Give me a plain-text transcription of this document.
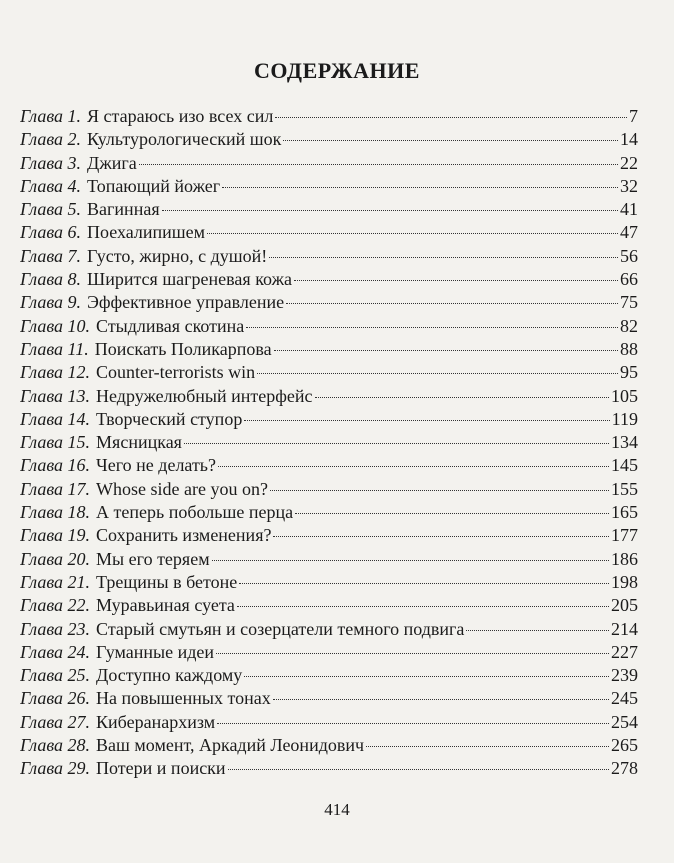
СОДЕРЖАНИЕ
Глава 1. Я стараюсь изо всех сил	7
Глава 2. Культурологический шок	14
Глава 3. Джига	22
Глава 4. Топающий йожег	32
Глава 5. Вагинная	41
Глава 6. Поехалипишем	47
Глава 7. Густо, жирно, с душой!	56
Глава 8. Ширится шагреневая кожа	66
Глава 9. Эффективное управление	75
Глава 10. Стыдливая скотина	82
Глава 11. Поискать Поликарпова	88
Глава 12. Counter-terrorists win	95
Глава 13. Недружелюбный интерфейс	105
Глава 14. Творческий ступор	119
Глава 15. Мясницкая	134
Глава 16. Чего не делать?	145
Глава 17. Whose side are you on?	155
Глава 18. А теперь побольше перца	165
Глава 19. Сохранить изменения?	177
Глава 20. Мы его теряем	186
Глава 21. Трещины в бетоне	198
Глава 22. Муравьиная суета	205
Глава 23. Старый смутьян и созерцатели темного подвига	214
Глава 24. Гуманные идеи	227
Глава 25. Доступно каждому	239
Глава 26. На повышенных тонах	245
Глава 27. Киберанархизм	254
Глава 28. Ваш момент, Аркадий Леонидович	265
Глава 29. Потери и поиски	278
414
